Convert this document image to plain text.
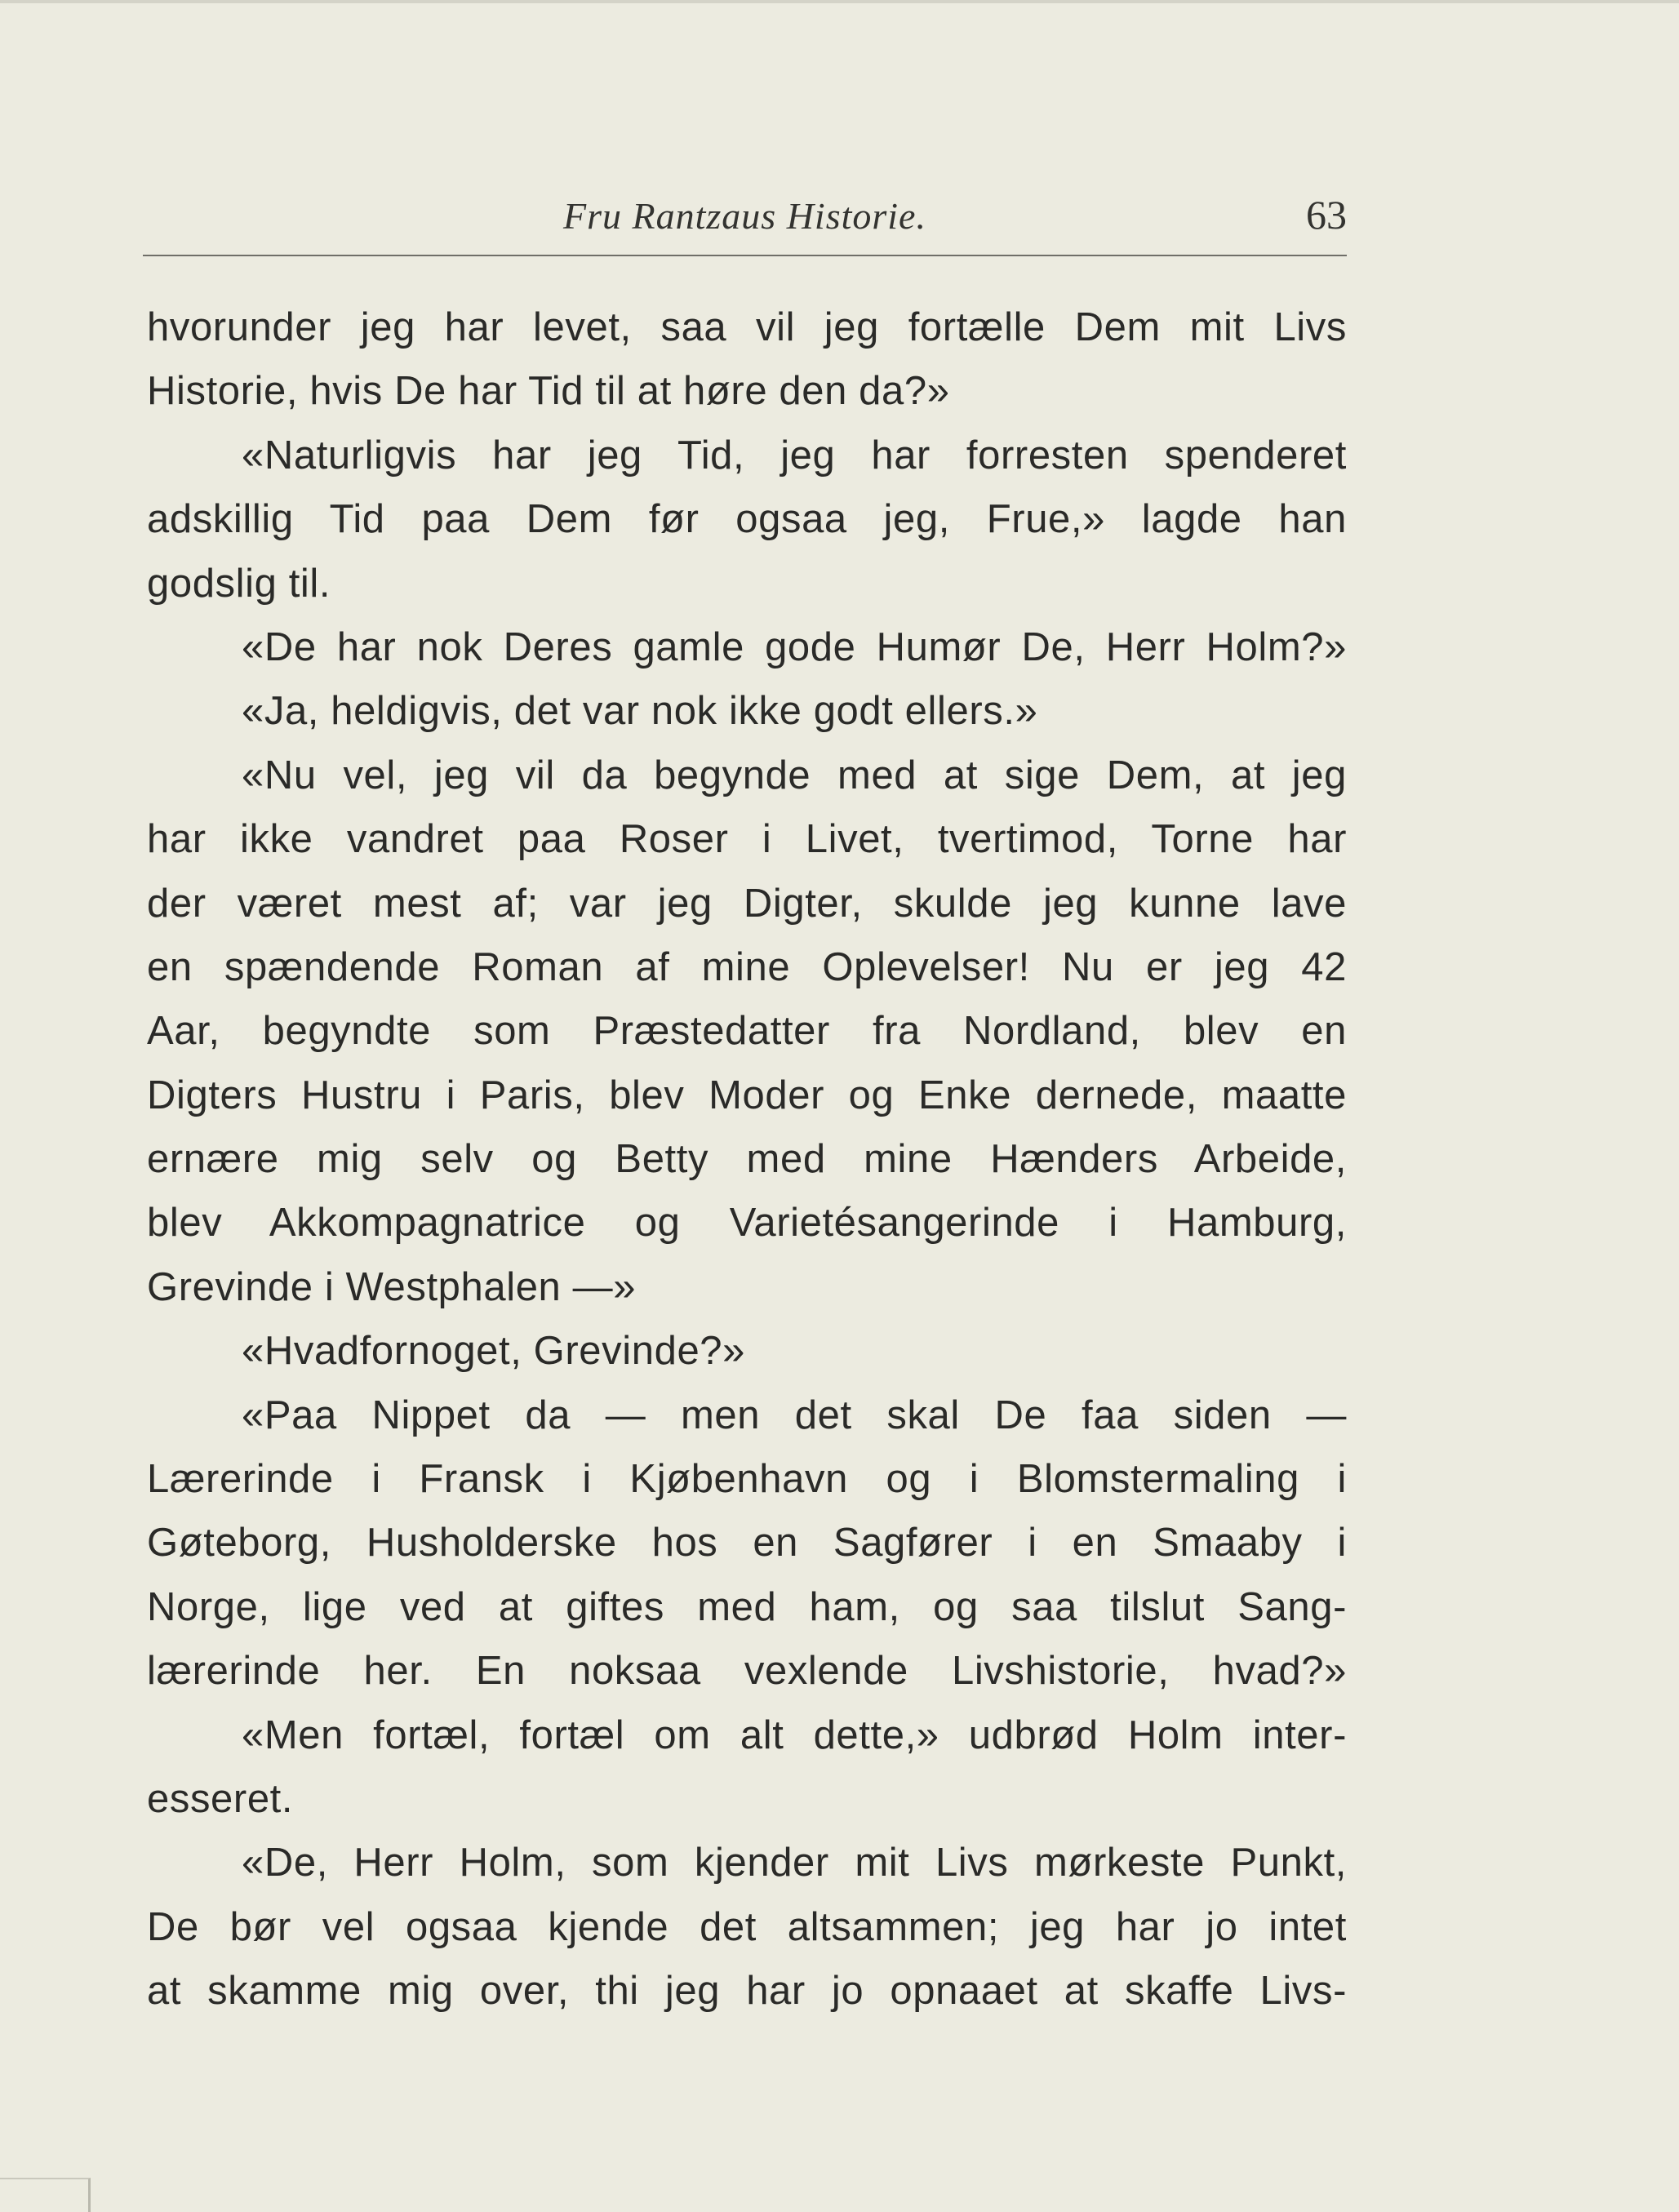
Fru Rantzaus Historie.	63
hvorunder jeg har levet, saa vil jeg fortælle Dem mit Livs
Historie, hvis De har Tid til at høre den da?»
«Naturligvis har jeg Tid, jeg har forresten spenderet
adskillig Tid paa Dem før ogsaa jeg, Frue,» lagde han
godslig til.
«De har nok Deres gamle gode Humør De, Herr Holm?»
«Ja, heldigvis, det var nok ikke godt ellers.»
«Nu vel, jeg vil da begynde med at sige Dem, at jeg
har ikke vandret paa Roser i Livet, tvertimod, Torne har
der været mest af; var jeg Digter, skulde jeg kunne lave
en spændende Roman af mine Oplevelser! Nu er jeg 42
Aar, begyndte som Præstedatter fra Nordland, blev en
Digters Hustru i Paris, blev Moder og Enke dernede, maatte
ernære mig selv og Betty med mine Hænders Arbeide,
blev Akkompagnatrice og Varietésangerinde i Hamburg,
Grevinde i Westphalen —»
«Hvadfornoget, Grevinde?»
«Paa Nippet da — men det skal De faa siden —
Lærerinde i Fransk i Kjøbenhavn og i Blomstermaling i
Gøteborg, Husholderske hos en Sagfører i en Smaaby i
Norge, lige ved at giftes med ham, og saa tilslut Sang-
lærerinde her. En noksaa vexlende Livshistorie, hvad?»
«Men fortæl, fortæl om alt dette,» udbrød Holm inter-
esseret.
«De, Herr Holm, som kjender mit Livs mørkeste Punkt,
De bør vel ogsaa kjende det altsammen; jeg har jo intet
at skamme mig over, thi jeg har jo opnaaet at skaffe Livs-
